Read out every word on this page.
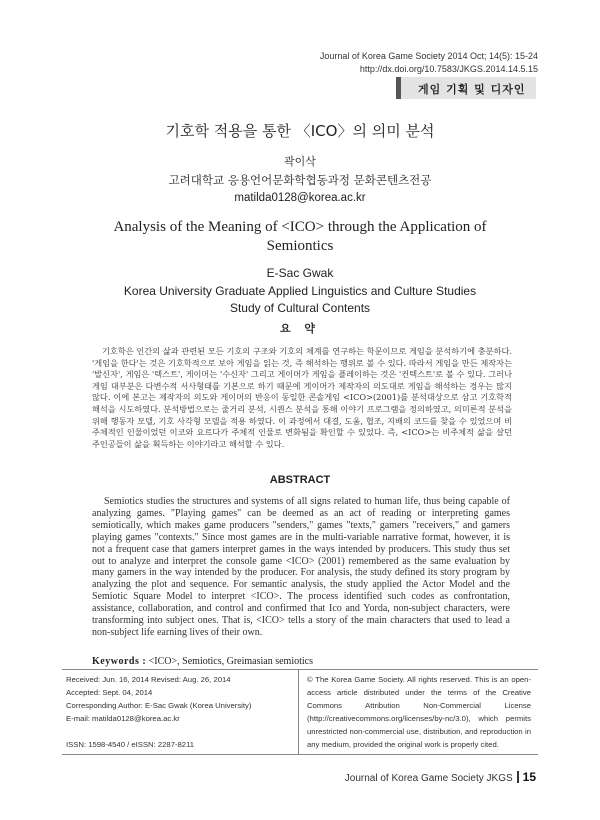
Journal of Korea Game Society 2014 Oct; 14(5): 15-24
http://dx.doi.org/10.7583/JKGS.2014.14.5.15
게임 기획 및 디자인
기호학 적용을 통한 〈ICO〉의 의미 분석
곽이삭
고려대학교 응용언어문화학협동과정 문화콘텐츠전공
matilda0128@korea.ac.kr
Analysis of the Meaning of <ICO> through the Application of Semiontics
E-Sac Gwak
Korea University Graduate Applied Linguistics and Culture Studies
Study of Cultural Contents
요 약

기호학은 인간의 삶과 관련된 모든 기호의 구조와 기호의 체계를 연구하는 학문이므로 게임을 분석하기에 충분하다. '게임을 한다'는 것은 기호학적으로 보아 게임을 읽는 것, 즉 해석하는 행위로 볼 수 있다. 따라서 게임을 만든 제작자는 '발신자', 게임은 '텍스트', 게이머는 '수신자' 그리고 게이머가 게임을 플레이하는 것은 '컨텍스트'로 볼 수 있다. 그러나 게임 대부분은 다변수적 서사형태를 기본으로 하기 때문에 게이머가 제작자의 의도대로 게임을 해석하는 경우는 많지 않다. 이에 본고는 제작자의 의도와 게이머의 반응이 동일한 콘솔게임 <ICO>(2001)를 분석대상으로 삼고 기호학적 해석을 시도하였다. 분석방법으로는 줄거리 분석, 시퀀스 분석을 통해 이야기 프로그램을 정의하였고, 의미론적 분석을 위해 행동자 모델, 기호 사각형 모델을 적용 하였다. 이 과정에서 대결, 도움, 협조, 지배의 코드를 찾을 수 있었으며 비주체적인 인물이었던 이코와 요르다가 주체적 인물로 변화됨을 확인할 수 있었다. 즉, <ICO>는 비주체적 삶을 살던 주인공들이 삶을 획득하는 이야기라고 해석할 수 있다.

ABSTRACT

Semiotics studies the structures and systems of all signs related to human life, thus being capable of analyzing games. "Playing games" can be deemed as an act of reading or interpreting games semiotically, which makes game producers "senders," games "texts," gamers "receivers," and gamers playing games "contexts." Since most games are in the multi-variable narrative format, however, it is not a frequent case that gamers interpret games in the ways intended by producers. This study thus set out to analyze and interpret the console game <ICO> (2001) remembered as the same evaluation by many gamers in the way intended by the producer. For analysis, the study defined its story program by analyzing the plot and sequence. For semantic analysis, the study applied the Actor Model and the Semiotic Square Model to interpret <ICO>. The process identified such codes as confrontation, assistance, collaboration, and control and confirmed that Ico and Yorda, non-subject characters, were transforming into subject ones. That is, <ICO> tells a story of the main characters that used to lead a non-subject life earning lives of their own.

Keywords : <ICO>, Semiotics, Greimasian semiotics
Received: Jun. 16, 2014 Revised: Aug. 26, 2014
Accepted: Sept. 04, 2014
Corresponding Author: E-Sac Gwak (Korea University)
E-mail: matilda0128@korea.ac.kr
ISSN: 1598-4540 / eISSN: 2287-8211
© The Korea Game Society. All rights reserved. This is an open-access article distributed under the terms of the Creative Commons Attribution Non-Commercial License (http://creativecommons.org/licenses/by-nc/3.0), which permits unrestricted non-commercial use, distribution, and reproduction in any medium, provided the original work is properly cited.
Journal of Korea Game Society JKGS 15
